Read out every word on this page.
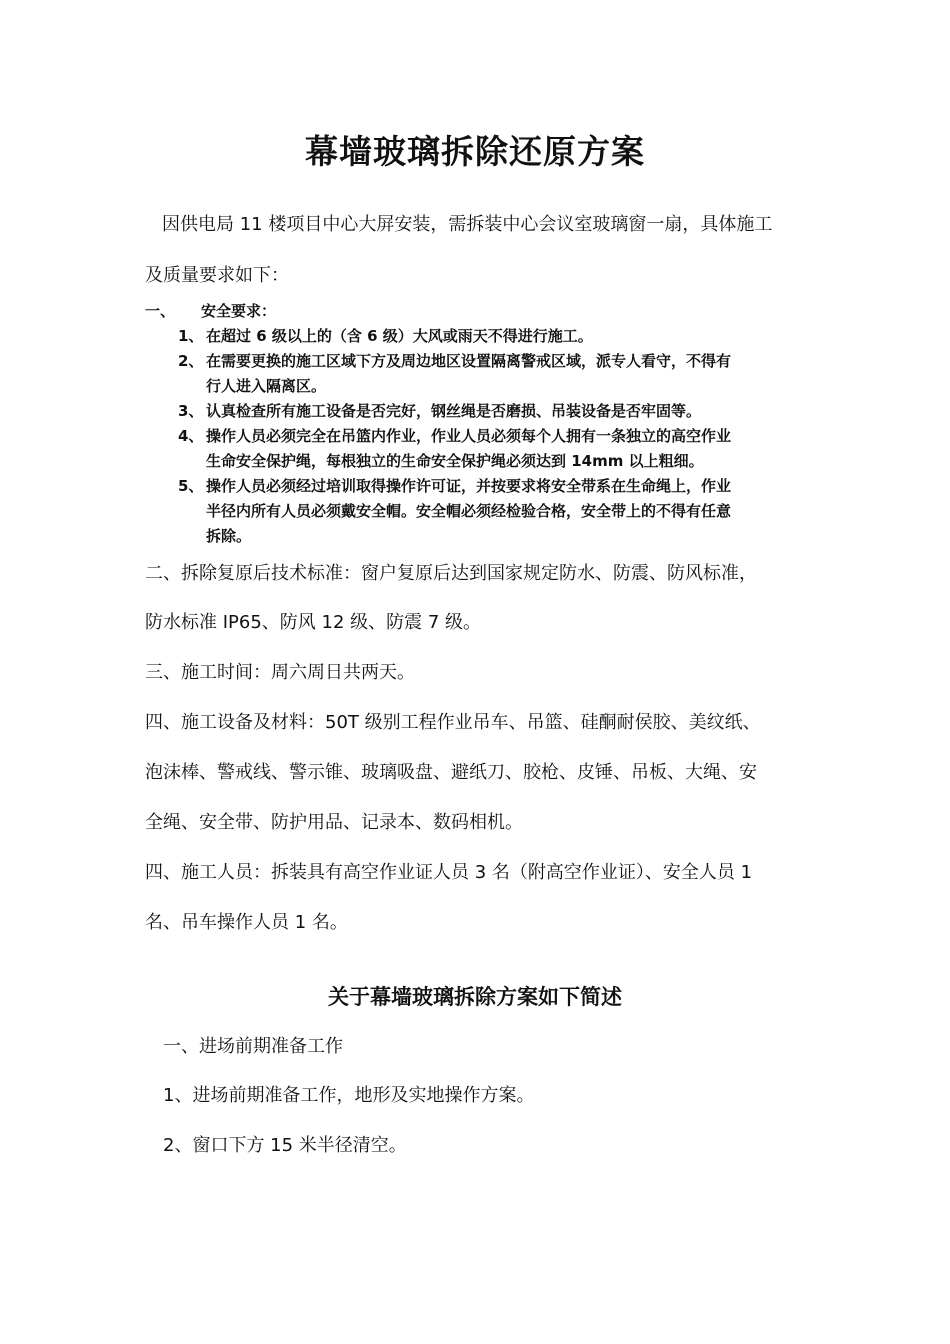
幕墙玻璃拆除还原方案
因供电局 11 楼项目中心大屏安装，需拆装中心会议室玻璃窗一扇，具体施工
及质量要求如下：
一、 安全要求：
1、 在超过 6 级以上的（含 6 级）大风或雨天不得进行施工。
2、 在需要更换的施工区域下方及周边地区设置隔离警戒区域，派专人看守，不得有
行人进入隔离区。
3、 认真检查所有施工设备是否完好，钢丝绳是否磨损、吊装设备是否牢固等。
4、 操作人员必须完全在吊篮内作业，作业人员必须每个人拥有一条独立的高空作业
生命安全保护绳，每根独立的生命安全保护绳必须达到 14mm 以上粗细。
5、 操作人员必须经过培训取得操作许可证，并按要求将安全带系在生命绳上，作业
半径内所有人员必须戴安全帽。安全帽必须经检验合格，安全带上的不得有任意
拆除。
二、拆除复原后技术标准：窗户复原后达到国家规定防水、防震、防风标准，
防水标准 IP65、防风 12 级、防震 7 级。
三、施工时间：周六周日共两天。
四、施工设备及材料：50T 级别工程作业吊车、吊篮、硅酮耐侯胶、美纹纸、
泡沫棒、警戒线、警示锥、玻璃吸盘、避纸刀、胶枪、皮锤、吊板、大绳、安
全绳、安全带、防护用品、记录本、数码相机。
四、施工人员：拆装具有高空作业证人员 3 名（附高空作业证）、安全人员 1
名、吊车操作人员 1 名。
关于幕墙玻璃拆除方案如下简述
一、进场前期准备工作
1、进场前期准备工作，地形及实地操作方案。
2、窗口下方 15 米半径清空。
